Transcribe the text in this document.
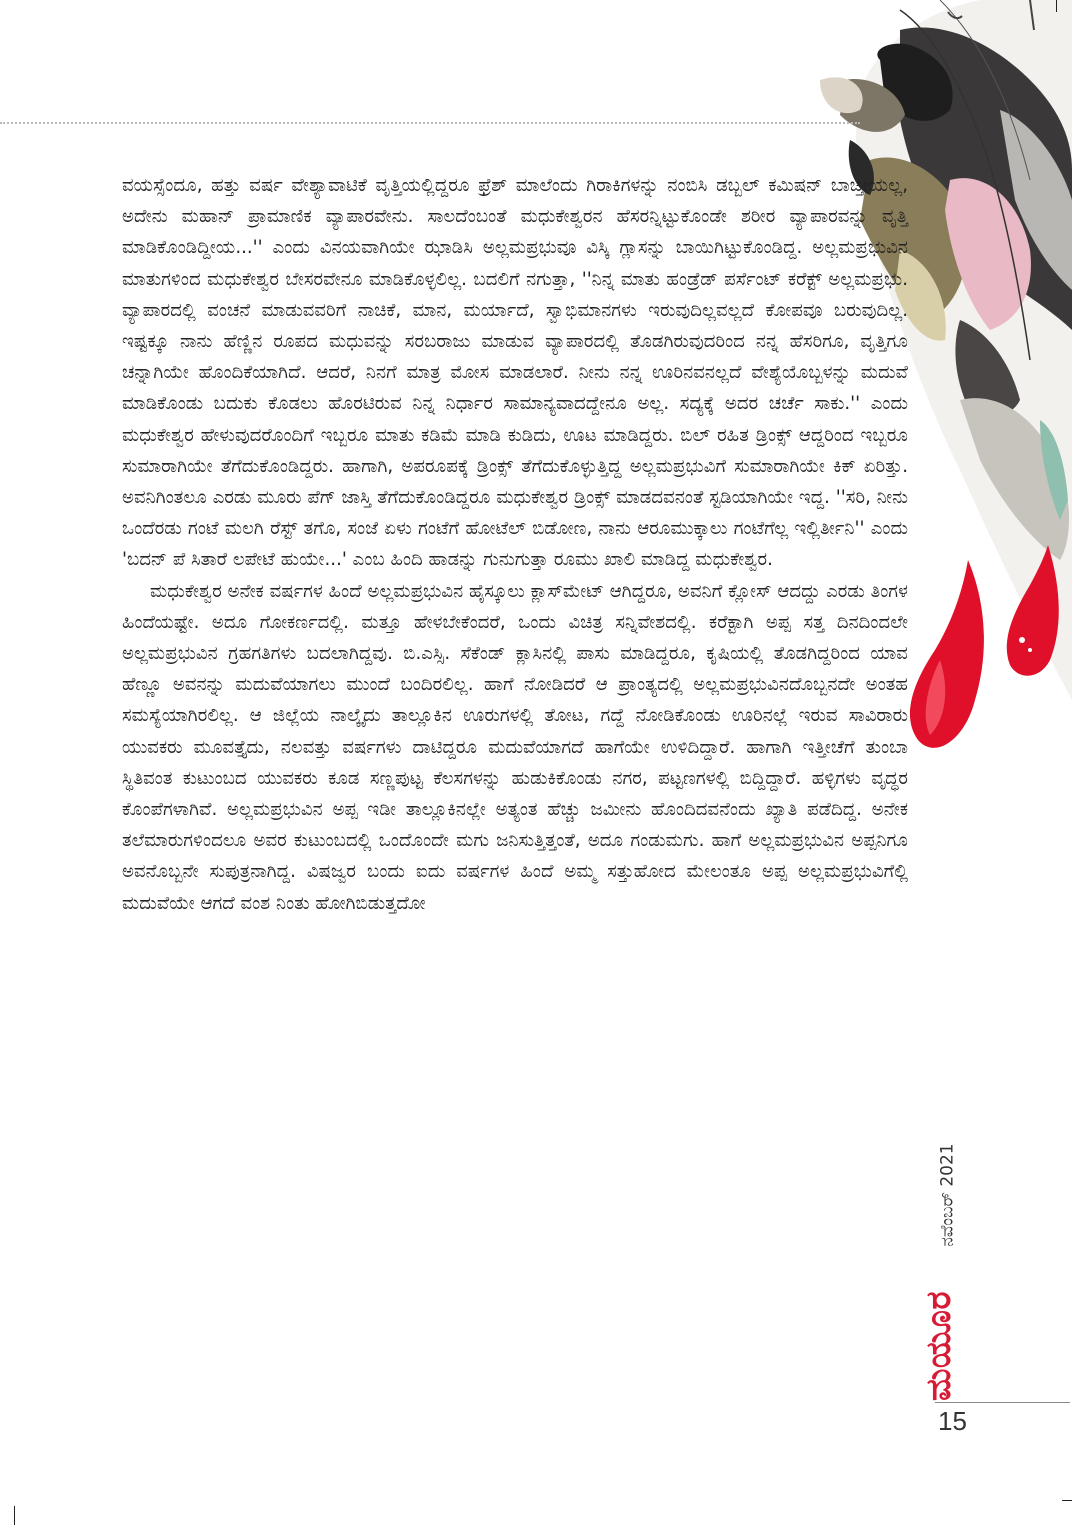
ವಯಸ್ಸೆಂದೂ, ಹತ್ತು ವರ್ಷ ವೇಶ್ಯಾವಾಟಿಕೆ ವೃತ್ತಿಯಲ್ಲಿದ್ದರೂ ಫ್ರೆಶ್ ಮಾಲೆಂದು ಗಿರಾಕಿಗಳನ್ನು ನಂಬಿಸಿ ಡಬ್ಬಲ್ ಕಮಿಷನ್ ಬಾಚ್ತೀಯಲ್ಲ, ಅದೇನು ಮಹಾನ್ ಪ್ರಾಮಾಣಿಕ ವ್ಯಾಪಾರವೇನು. ಸಾಲದೆಂಬಂತೆ ಮಧುಕೇಶ್ವರನ ಹೆಸರನ್ನಿಟ್ಟುಕೊಂಡೇ ಶರೀರ ವ್ಯಾಪಾರವನ್ನು ವೃತ್ತಿ ಮಾಡಿಕೊಂಡಿದ್ದೀಯ...'' ಎಂದು ವಿನಯವಾಗಿಯೇ ಝಾಡಿಸಿ ಅಲ್ಲಮಪ್ರಭುವೂ ವಿಸ್ಕಿ ಗ್ಲಾಸನ್ನು ಬಾಯಿಗಿಟ್ಟುಕೊಂಡಿದ್ದ. ಅಲ್ಲಮಪ್ರಭುವಿನ ಮಾತುಗಳಿಂದ ಮಧುಕೇಶ್ವರ ಬೇಸರವೇನೂ ಮಾಡಿಕೊಳ್ಳಲಿಲ್ಲ. ಬದಲಿಗೆ ನಗುತ್ತಾ, ''ನಿನ್ನ ಮಾತು ಹಂಡ್ರೆಡ್ ಪರ್ಸೆಂಟ್ ಕರೆಕ್ಟ್ ಅಲ್ಲಮಪ್ರಭು. ವ್ಯಾಪಾರದಲ್ಲಿ ವಂಚನೆ ಮಾಡುವವರಿಗೆ ನಾಚಿಕೆ, ಮಾನ, ಮರ್ಯಾದೆ, ಸ್ವಾಭಿಮಾನಗಳು ಇರುವುದಿಲ್ಲವಲ್ಲದೆ ಕೋಪವೂ ಬರುವುದಿಲ್ಲ. ಇಷ್ಟಕ್ಕೂ ನಾನು ಹೆಣ್ಣಿನ ರೂಪದ ಮಧುವನ್ನು ಸರಬರಾಜು ಮಾಡುವ ವ್ಯಾಪಾರದಲ್ಲಿ ತೊಡಗಿರುವುದರಿಂದ ನನ್ನ ಹೆಸರಿಗೂ, ವೃತ್ತಿಗೂ ಚನ್ನಾಗಿಯೇ ಹೊಂದಿಕೆಯಾಗಿದೆ. ಆದರೆ, ನಿನಗೆ ಮಾತ್ರ ಮೋಸ ಮಾಡಲಾರೆ. ನೀನು ನನ್ನ ಊರಿನವನಲ್ಲದೆ ವೇಶ್ಯೆಯೊಬ್ಬಳನ್ನು ಮದುವೆ ಮಾಡಿಕೊಂಡು ಬದುಕು ಕೊಡಲು ಹೊರಟಿರುವ ನಿನ್ನ ನಿರ್ಧಾರ ಸಾಮಾನ್ಯವಾದದ್ದೇನೂ ಅಲ್ಲ. ಸದ್ಯಕ್ಕೆ ಅದರ ಚರ್ಚೆ ಸಾಕು.'' ಎಂದು ಮಧುಕೇಶ್ವರ ಹೇಳುವುದರೊಂದಿಗೆ ಇಬ್ಬರೂ ಮಾತು ಕಡಿಮೆ ಮಾಡಿ ಕುಡಿದು, ಊಟ ಮಾಡಿದ್ದರು. ಬಿಲ್ ರಹಿತ ಡ್ರಿಂಕ್ಸ್ ಆದ್ದರಿಂದ ಇಬ್ಬರೂ ಸುಮಾರಾಗಿಯೇ ತೆಗೆದುಕೊಂಡಿದ್ದರು. ಹಾಗಾಗಿ, ಅಪರೂಪಕ್ಕೆ ಡ್ರಿಂಕ್ಸ್ ತೆಗೆದುಕೊಳ್ಳುತ್ತಿದ್ದ ಅಲ್ಲಮಪ್ರಭುವಿಗೆ ಸುಮಾರಾಗಿಯೇ ಕಿಕ್ ಏರಿತ್ತು. ಅವನಿಗಿಂತಲೂ ಎರಡು ಮೂರು ಪೆಗ್ ಜಾಸ್ತಿ ತೆಗೆದುಕೊಂಡಿದ್ದರೂ ಮಧುಕೇಶ್ವರ ಡ್ರಿಂಕ್ಸ್ ಮಾಡದವನಂತೆ ಸ್ಟಡಿಯಾಗಿಯೇ ಇದ್ದ. ''ಸರಿ, ನೀನು ಒಂದೆರಡು ಗಂಟೆ ಮಲಗಿ ರೆಸ್ಟ್ ತಗೊ, ಸಂಜೆ ಏಳು ಗಂಟೆಗೆ ಹೋಟೆಲ್ ಬಿಡೋಣ, ನಾನು ಆರೂಮುಕ್ಕಾಲು ಗಂಟೆಗೆಲ್ಲ ಇಲ್ಲಿರ್ತೀನಿ'' ಎಂದು 'ಬದನ್ ಪೆ ಸಿತಾರೆ ಲಪೇಟೆ ಹುಯೇ...' ಎಂಬ ಹಿಂದಿ ಹಾಡನ್ನು ಗುನುಗುತ್ತಾ ರೂಮು ಖಾಲಿ ಮಾಡಿದ್ದ ಮಧುಕೇಶ್ವರ.

ಮಧುಕೇಶ್ವರ ಅನೇಕ ವರ್ಷಗಳ ಹಿಂದೆ ಅಲ್ಲಮಪ್ರಭುವಿನ ಹೈಸ್ಕೂಲು ಕ್ಲಾಸ್‌ಮೇಟ್ ಆಗಿದ್ದರೂ, ಅವನಿಗೆ ಕ್ಲೋಸ್ ಆದದ್ದು ಎರಡು ತಿಂಗಳ ಹಿಂದೆಯಷ್ಟೇ. ಅದೂ ಗೋಕರ್ಣದಲ್ಲಿ. ಮತ್ತೂ ಹೇಳಬೇಕೆಂದರೆ, ಒಂದು ವಿಚಿತ್ರ ಸನ್ನಿವೇಶದಲ್ಲಿ. ಕರೆಕ್ಟಾಗಿ ಅಪ್ಪ ಸತ್ತ ದಿನದಿಂದಲೇ ಅಲ್ಲಮಪ್ರಭುವಿನ ಗ್ರಹಗತಿಗಳು ಬದಲಾಗಿದ್ದವು. ಬಿ.ಎಸ್ಸಿ. ಸೆಕೆಂಡ್ ಕ್ಲಾಸಿನಲ್ಲಿ ಪಾಸು ಮಾಡಿದ್ದರೂ, ಕೃಷಿಯಲ್ಲಿ ತೊಡಗಿದ್ದರಿಂದ ಯಾವ ಹೆಣ್ಣೂ ಅವನನ್ನು ಮದುವೆಯಾಗಲು ಮುಂದೆ ಬಂದಿರಲಿಲ್ಲ. ಹಾಗೆ ನೋಡಿದರೆ ಆ ಪ್ರಾಂತ್ಯದಲ್ಲಿ ಅಲ್ಲಮಪ್ರಭುವಿನದೊಬ್ಬನದೇ ಅಂತಹ ಸಮಸ್ಯೆಯಾಗಿರಲಿಲ್ಲ. ಆ ಜಿಲ್ಲೆಯ ನಾಲ್ಕೈದು ತಾಲ್ಲೂಕಿನ ಊರುಗಳಲ್ಲಿ ತೋಟ, ಗದ್ದೆ ನೋಡಿಕೊಂಡು ಊರಿನಲ್ಲೆ ಇರುವ ಸಾವಿರಾರು ಯುವಕರು ಮೂವತ್ತೈದು, ನಲವತ್ತು ವರ್ಷಗಳು ದಾಟಿದ್ದರೂ ಮದುವೆಯಾಗದೆ ಹಾಗೆಯೇ ಉಳಿದಿದ್ದಾರೆ. ಹಾಗಾಗಿ ಇತ್ತೀಚೆಗೆ ತುಂಬಾ ಸ್ಥಿತಿವಂತ ಕುಟುಂಬದ ಯುವಕರು ಕೂಡ ಸಣ್ಣಪುಟ್ಟ ಕೆಲಸಗಳನ್ನು ಹುಡುಕಿಕೊಂಡು ನಗರ, ಪಟ್ಟಣಗಳಲ್ಲಿ ಬಿದ್ದಿದ್ದಾರೆ. ಹಳ್ಳಿಗಳು ವೃದ್ಧರ ಕೊಂಪೆಗಳಾಗಿವೆ. ಅಲ್ಲಮಪ್ರಭುವಿನ ಅಪ್ಪ ಇಡೀ ತಾಲ್ಲೂಕಿನಲ್ಲೇ ಅತ್ಯಂತ ಹೆಚ್ಚು ಜಮೀನು ಹೊಂದಿದವನೆಂದು ಖ್ಯಾತಿ ಪಡೆದಿದ್ದ. ಅನೇಕ ತಲೆಮಾರುಗಳಿಂದಲೂ ಅವರ ಕುಟುಂಬದಲ್ಲಿ ಒಂದೊಂದೇ ಮಗು ಜನಿಸುತ್ತಿತ್ತಂತೆ, ಅದೂ ಗಂಡುಮಗು. ಹಾಗೆ ಅಲ್ಲಮಪ್ರಭುವಿನ ಅಪ್ಪನಿಗೂ ಅವನೊಬ್ಬನೇ ಸುಪುತ್ರನಾಗಿದ್ದ. ವಿಷಜ್ವರ ಬಂದು ಐದು ವರ್ಷಗಳ ಹಿಂದೆ ಅಮ್ಮ ಸತ್ತುಹೋದ ಮೇಲಂತೂ ಅಪ್ಪ ಅಲ್ಲಮಪ್ರಭುವಿಗೆಲ್ಲಿ ಮದುವೆಯೇ ಆಗದೆ ವಂಶ ನಿಂತು ಹೋಗಿಬಿಡುತ್ತದೋ

ನವೆಂಬರ್ 2021
ಮಯೂರ
15
